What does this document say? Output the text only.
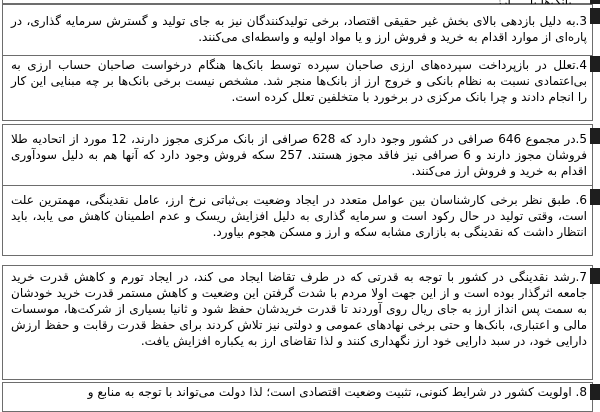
3.به دلیل بازدهی بالای بخش غیر حقیقی اقتصاد، برخی تولیدکنندگان نیز به جای تولید و گسترش سرمایه گذاری، در پاره‌ای از موارد اقدام به خرید و فروش ارز و یا مواد اولیه و واسطه‌ای می‌کنند.
4.تعلل در بازپرداخت سپرده‌های ارزی صاحبان سپرده توسط بانک‌ها هنگام درخواست صاحبان حساب ارزی به بی‌اعتمادی نسبت به نظام بانکی و خروج ارز از بانک‌ها منجر شد. مشخص نیست برخی بانک‌ها بر چه مبنایی این کار را انجام دادند و چرا بانک مرکزی در برخورد با متخلفین تعلل کرده است.
5.در مجموع 646 صرافی در کشور وجود دارد که 628 صرافی از بانک مرکزی مجوز دارند، 12 مورد از اتحادیه طلا فروشان مجوز دارند و 6 صرافی نیز فاقد مجوز هستند. 257 سکه فروش وجود دارد که آنها هم به دلیل سودآوری اقدام به خرید و فروش ارز می‌کنند.
6. طبق نظر برخی کارشناسان بین عوامل متعدد در ایجاد وضعیت بی‌ثباتی نرخ ارز، عامل نقدینگی، مهمترین علت است، وقتی تولید در حال رکود است و سرمایه گذاری به دلیل افزایش ریسک و عدم اطمینان کاهش می یابد، باید انتظار داشت که نقدینگی به بازاری مشابه سکه و ارز و مسکن هجوم بیاورد.
7.رشد نقدینگی در کشور با توجه به قدرتی که در طرف تقاضا ایجاد می کند، در ایجاد تورم و کاهش قدرت خرید جامعه اثرگذار بوده است و از این جهت اولا مردم با شدت گرفتن این وضعیت و کاهش مستمر قدرت خرید خودشان به سمت پس انداز ارز به جای ریال روی آوردند تا قدرت خریدشان حفظ شود و ثانیا بسیاری از شرکت‌ها، موسسات مالی و اعتباری، بانک‌ها و حتی برخی نهادهای عمومی و دولتی نیز تلاش کردند برای حفظ قدرت رقابت و حفظ ارزش دارایی خود، در سبد دارایی خود ارز نگهداری کنند و لذا تقاضای ارز به یکباره افزایش یافت.
8. اولویت کشور در شرایط کنونی، تثبیت وضعیت اقتصادی است؛ لذا دولت می‌تواند با توجه به منابع و
